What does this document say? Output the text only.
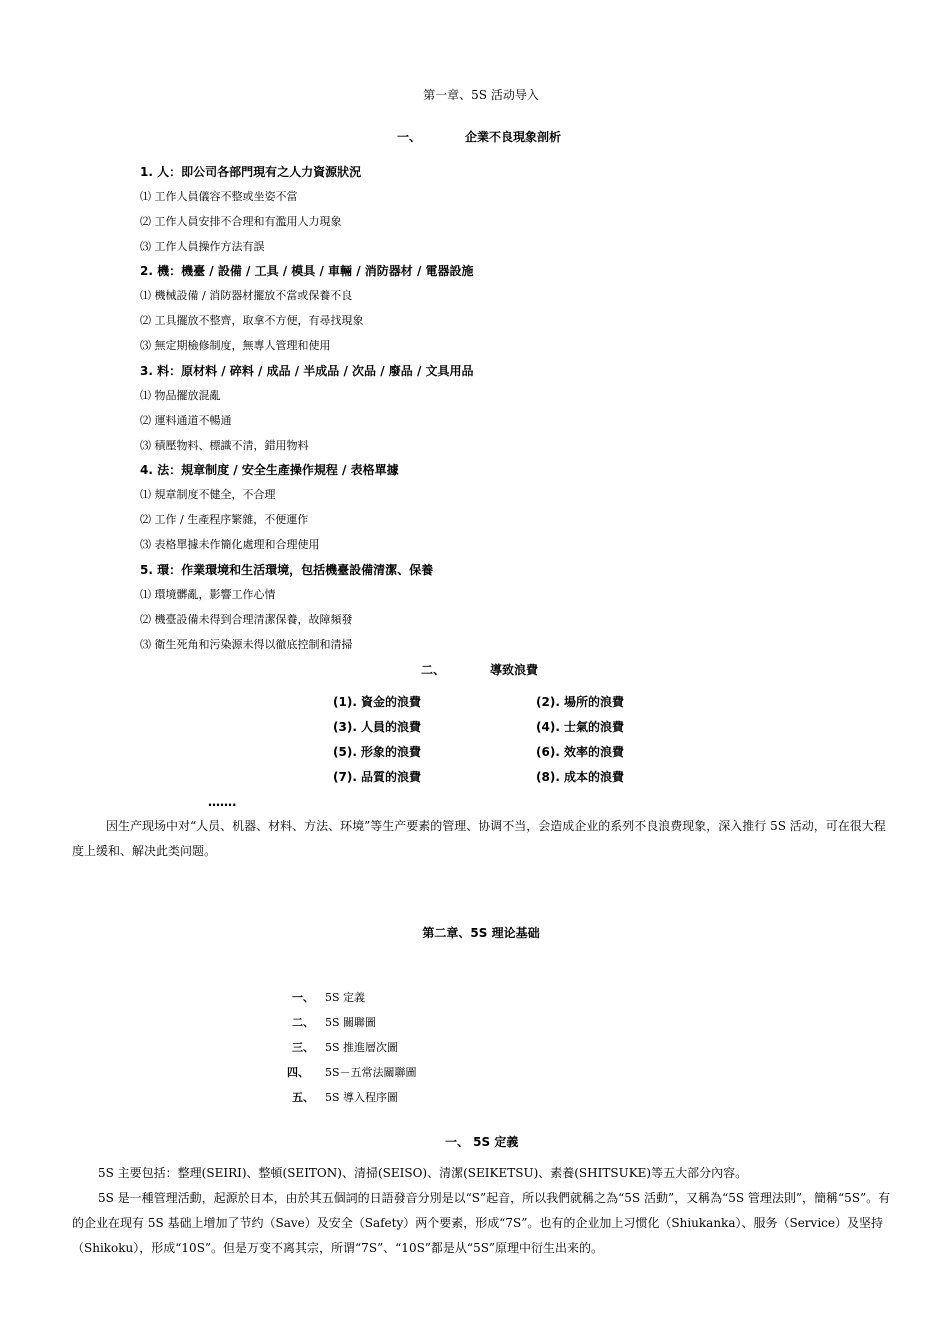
第一章、5S 活动导入
一、	企業不良現象剖析
1. 人：即公司各部門現有之人力資源狀況
⑴ 工作人員儀容不整或坐姿不當
⑵ 工作人員安排不合理和有濫用人力現象
⑶ 工作人員操作方法有誤
2. 機：機臺 / 設備 / 工具 / 模具 / 車輛 / 消防器材 / 電器設施
⑴ 機械設備 / 消防器材擺放不當或保養不良
⑵ 工具擺放不整齊，取拿不方便，有尋找現象
⑶ 無定期檢修制度，無專人管理和使用
3. 料：原材料 / 碎料 / 成品 / 半成品 / 次品 / 廢品 / 文具用品
⑴ 物品擺放混亂
⑵ 運料通道不暢通
⑶ 積壓物料、標識不清，錯用物料
4. 法：規章制度 / 安全生產操作規程 / 表格單據
⑴ 規章制度不健全，不合理
⑵ 工作 / 生產程序繁雜，不便運作
⑶ 表格單據未作簡化處理和合理使用
5. 環：作業環境和生活環境，包括機臺設備清潔、保養
⑴ 環境髒亂，影響工作心情
⑵ 機臺設備未得到合理清潔保養，故障頻發
⑶ 衛生死角和污染源未得以徹底控制和清掃
二、	導致浪費
(1). 資金的浪費	(2). 場所的浪費
(3). 人員的浪費	(4). 士氣的浪費
(5). 形象的浪費	(6). 效率的浪費
(7). 品質的浪費	(8). 成本的浪費
…….

因生产现场中对“人员、机器、材料、方法、环境”等生产要素的管理、协调不当，会造成企业的系列不良浪费现象，深入推行 5S 活动，可在很大程度上缓和、解决此类问题。

第二章、5S 理论基础
一、 5S 定義
二、 5S 關聯圖
三、 5S 推進層次圖
四、 5S－五常法關聯圖
五、 5S 導入程序圖
一、 5S 定義

5S 主要包括：整理(SEIRI)、整頓(SEITON)、清掃(SEISO)、清潔(SEIKETSU)、素養(SHITSUKE)等五大部分內容。

5S 是一種管理活動，起源於日本，由於其五個詞的日語發音分別是以“S”起音，所以我們就稱之為“5S 活動”，又稱為“5S 管理法則”，簡稱“5S”。有的企业在现有 5S 基础上增加了节约（Save）及安全（Safety）两个要素，形成“7S”。也有的企业加上习惯化（Shiukanka）、服务（Service）及坚持（Shikoku），形成“10S”。但是万变不离其宗，所谓“7S”、“10S”都是从“5S”原理中衍生出来的。
